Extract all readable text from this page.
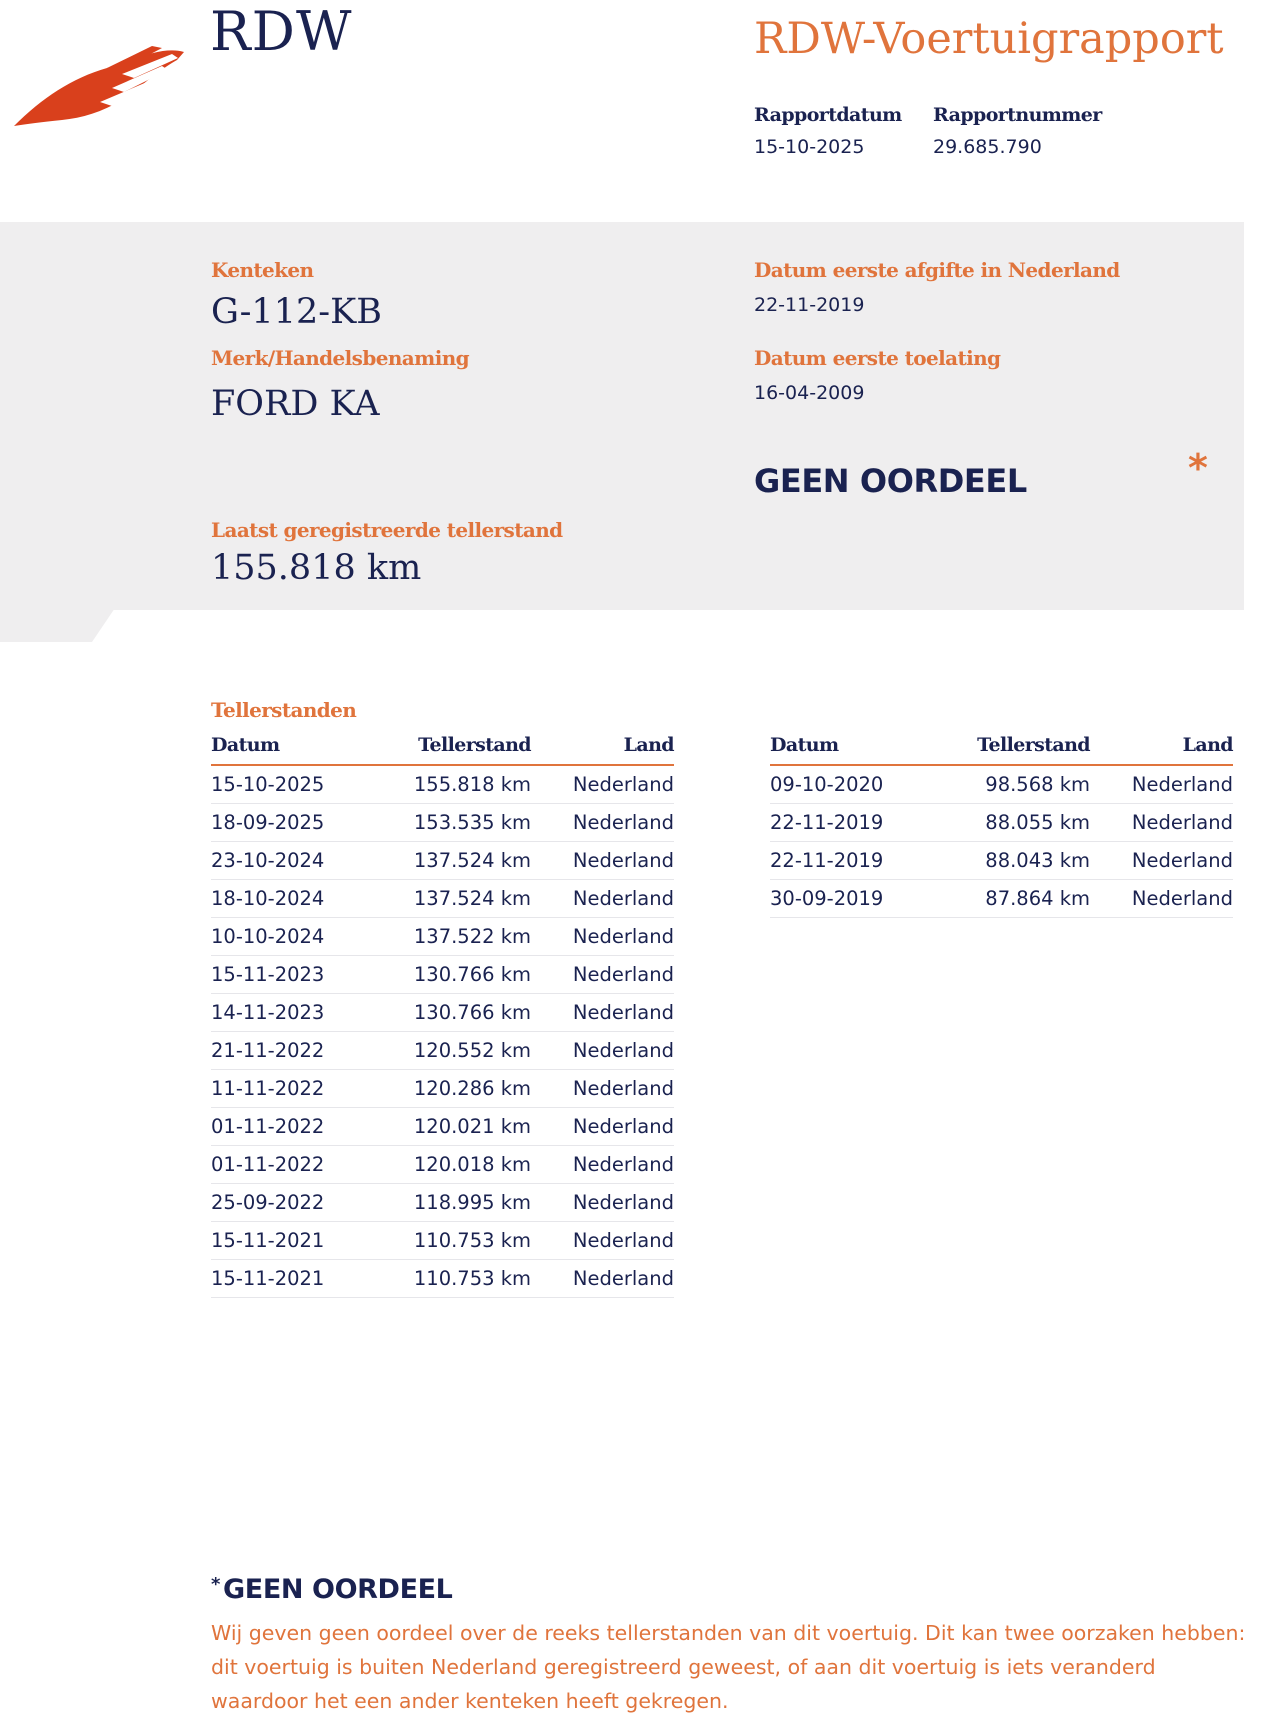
RDW	RDW-Voertuigrapport
Rapportdatum
15-10-2025
Rapportnummer
29.685.790
Kenteken
G-112-KB
Merk/Handelsbenaming
FORD KA
Datum eerste afgifte in Nederland
22-11-2019
Datum eerste toelating
16-04-2009
GEEN OORDEEL	*
Laatst geregistreerde tellerstand
155.818 km
Tellerstanden
Datum	Tellerstand	Land
15-10-2025	155.818 km	Nederland
18-09-2025	153.535 km	Nederland
23-10-2024	137.524 km	Nederland
18-10-2024	137.524 km	Nederland
10-10-2024	137.522 km	Nederland
15-11-2023	130.766 km	Nederland
14-11-2023	130.766 km	Nederland
21-11-2022	120.552 km	Nederland
11-11-2022	120.286 km	Nederland
01-11-2022	120.021 km	Nederland
01-11-2022	120.018 km	Nederland
25-09-2022	118.995 km	Nederland
15-11-2021	110.753 km	Nederland
15-11-2021	110.753 km	Nederland
Datum	Tellerstand	Land
09-10-2020	98.568 km	Nederland
22-11-2019	88.055 km	Nederland
22-11-2019	88.043 km	Nederland
30-09-2019	87.864 km	Nederland
* GEEN OORDEEL
Wij geven geen oordeel over de reeks tellerstanden van dit voertuig. Dit kan twee oorzaken hebben: dit voertuig is buiten Nederland geregistreerd geweest, of aan dit voertuig is iets veranderd waardoor het een ander kenteken heeft gekregen.
